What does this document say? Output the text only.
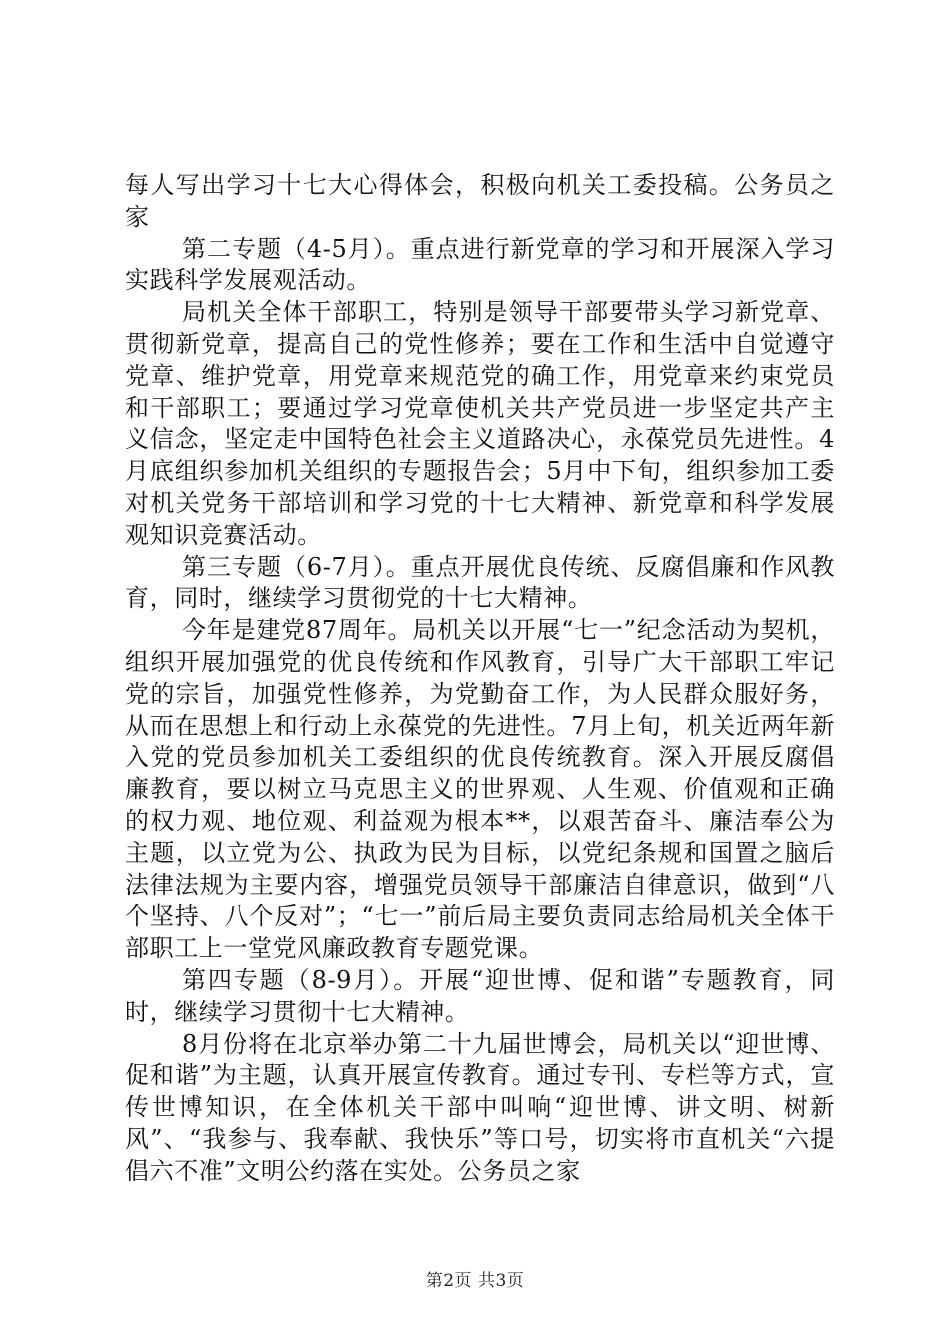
每人写出学习十七大心得体会，积极向机关工委投稿。公务员之家

第二专题（4-5月）。重点进行新党章的学习和开展深入学习实践科学发展观活动。

局机关全体干部职工，特别是领导干部要带头学习新党章、贯彻新党章，提高自己的党性修养；要在工作和生活中自觉遵守党章、维护党章，用党章来规范党的确工作，用党章来约束党员和干部职工；要通过学习党章使机关共产党员进一步坚定共产主义信念，坚定走中国特色社会主义道路决心，永葆党员先进性。4月底组织参加机关组织的专题报告会；5月中下旬，组织参加工委对机关党务干部培训和学习党的十七大精神、新党章和科学发展观知识竞赛活动。

第三专题（6-7月）。重点开展优良传统、反腐倡廉和作风教育，同时，继续学习贯彻党的十七大精神。

今年是建党87周年。局机关以开展“七一”纪念活动为契机，组织开展加强党的优良传统和作风教育，引导广大干部职工牢记党的宗旨，加强党性修养，为党勤奋工作，为人民群众服好务，从而在思想上和行动上永葆党的先进性。7月上旬，机关近两年新入党的党员参加机关工委组织的优良传统教育。深入开展反腐倡廉教育，要以树立马克思主义的世界观、人生观、价值观和正确的权力观、地位观、利益观为根本**，以艰苦奋斗、廉洁奉公为主题，以立党为公、执政为民为目标，以党纪条规和国置之脑后法律法规为主要内容，增强党员领导干部廉洁自律意识，做到“八个坚持、八个反对”；“七一”前后局主要负责同志给局机关全体干部职工上一堂党风廉政教育专题党课。

第四专题（8-9月）。开展“迎世博、促和谐”专题教育，同时，继续学习贯彻十七大精神。

8月份将在北京举办第二十九届世博会，局机关以“迎世博、促和谐”为主题，认真开展宣传教育。通过专刊、专栏等方式，宣传世博知识，在全体机关干部中叫响“迎世博、讲文明、树新风”、“我参与、我奉献、我快乐”等口号，切实将市直机关“六提倡六不准”文明公约落在实处。公务员之家

第2页 共3页
